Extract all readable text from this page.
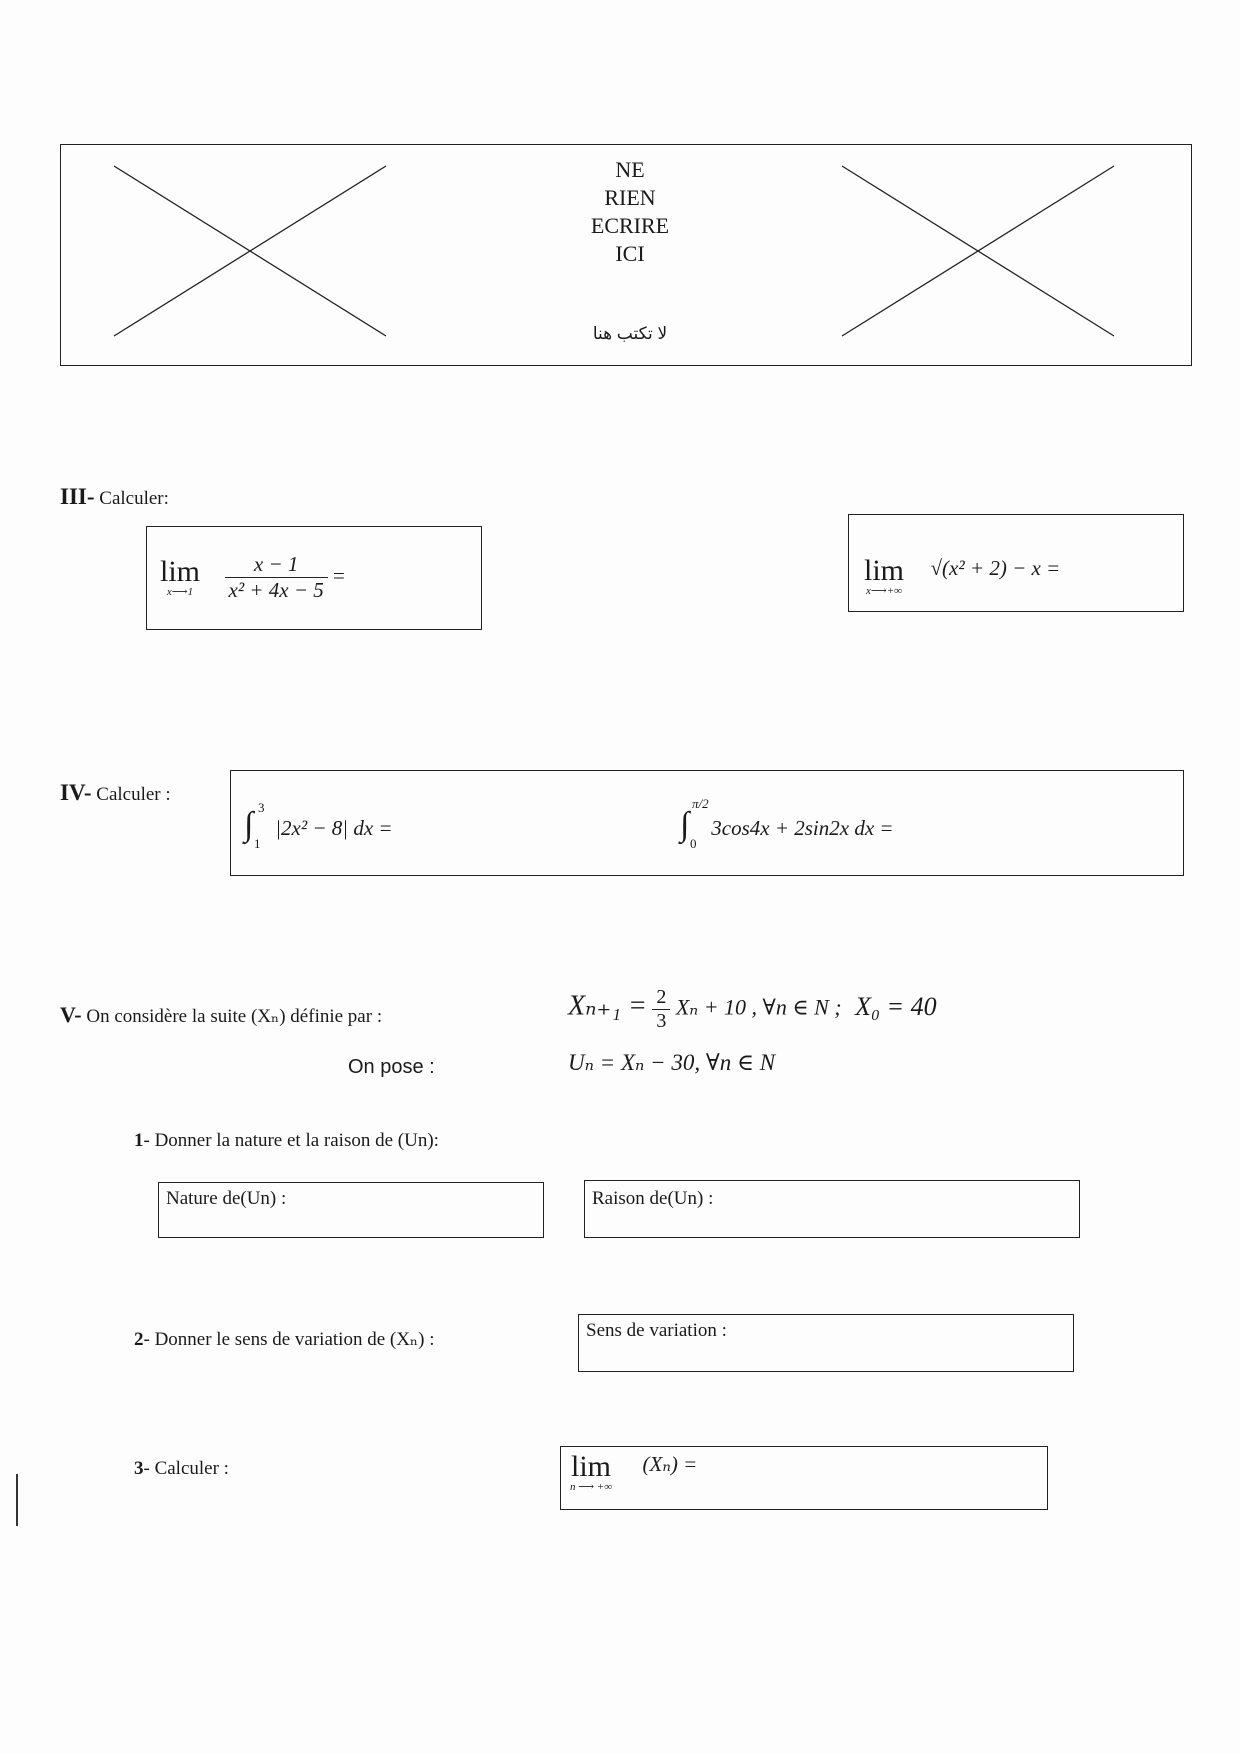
NE
RIEN
ECRIRE
ICI
لا تكتب هنا
III- Calculer:
lim
x⟶1
	$\frac{x - 1}{\text{x² + 4x − 5}}$ =	lim
x⟶+∞
√(x² + 2) − x =
IV- Calculer :
∫ 3
1
|2x² − 8| dx =	∫
π/2
0
3cos4x + 2sin2x dx =
V- On considère la suite (Xₙ) définie par :	$X_{n+1} = \frac{2}{3}$ Xₙ + 10 , ∀n ∈ N ; X₀ = 40
On pose :	Uₙ = Xₙ − 30, ∀n ∈ N
1- Donner la nature et la raison de (Un):
Nature de(Un) :	Raison de(Un) :
2- Donner le sens de variation de (Xₙ) :	Sens de variation :
3- Calculer :	lim
n ⟶ +∞
(Xₙ) =
